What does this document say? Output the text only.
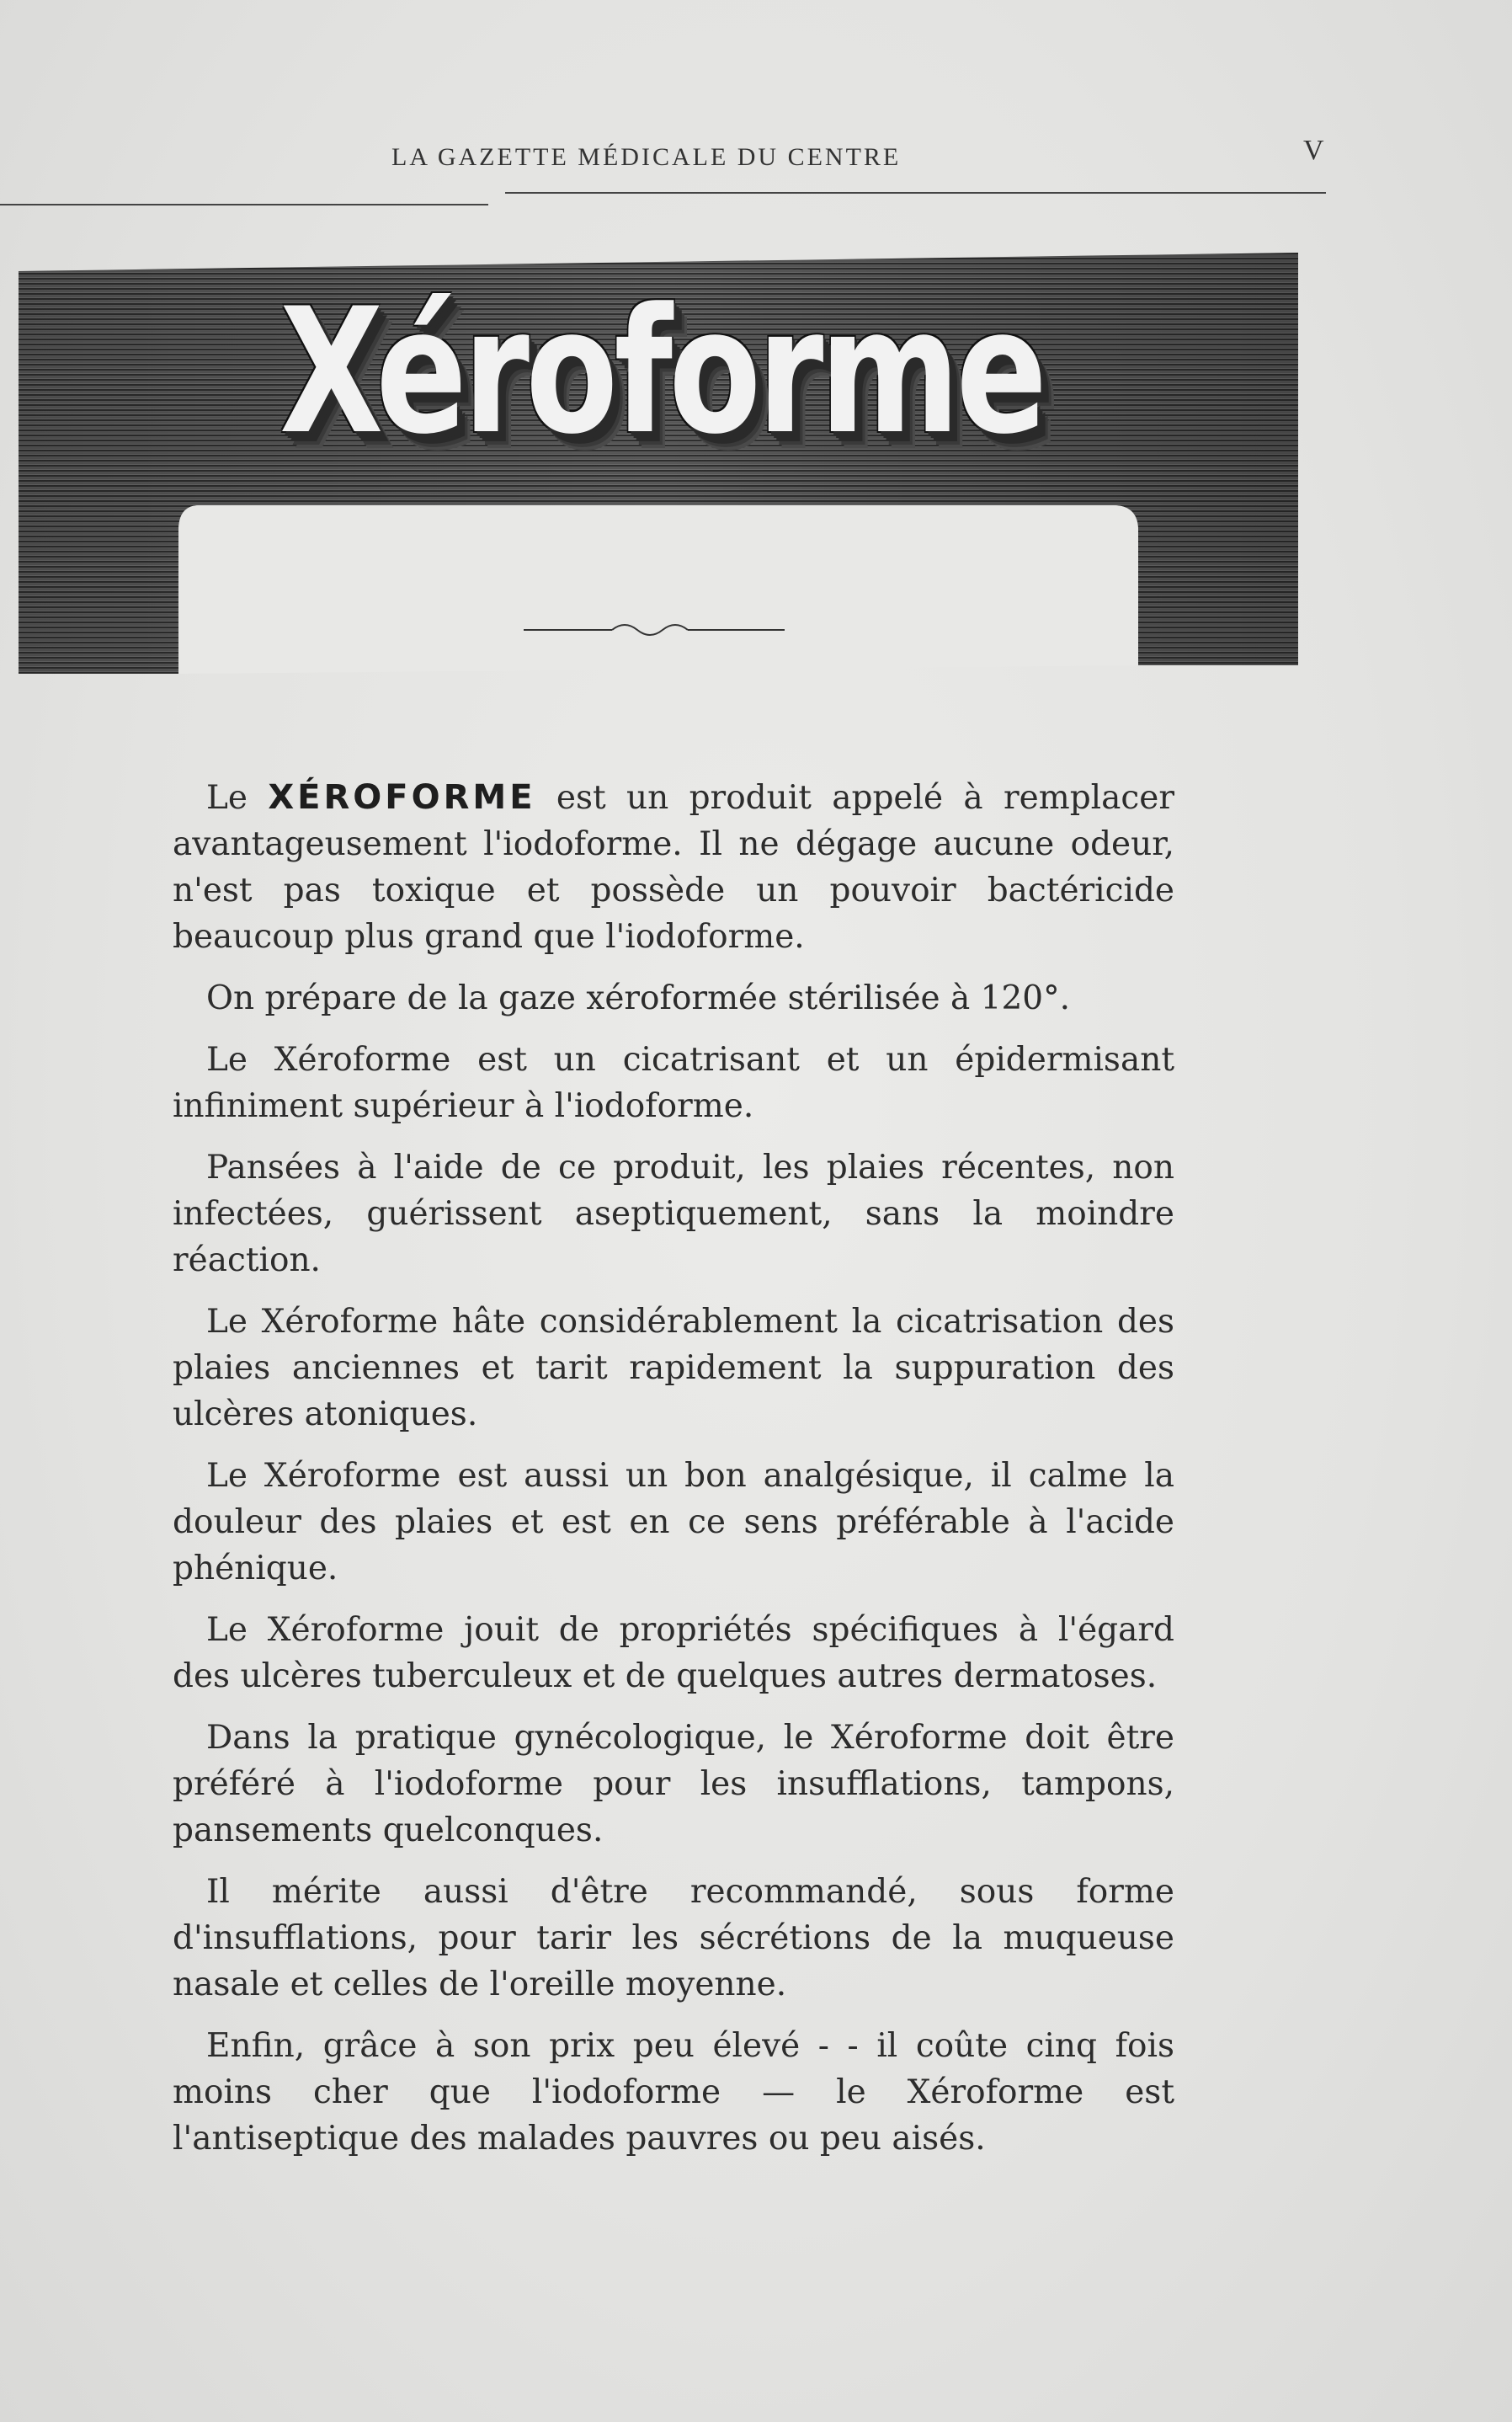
LA GAZETTE MÉDICALE DU CENTRE	V
Xéroforme

Le XÉROFORME est un produit appelé à remplacer avantageusement l'iodoforme. Il ne dégage aucune odeur, n'est pas toxique et possède un pouvoir bactéricide beaucoup plus grand que l'iodoforme.

On prépare de la gaze xéroformée stérilisée à 120°.

Le Xéroforme est un cicatrisant et un épidermisant infiniment supérieur à l'iodoforme.

Pansées à l'aide de ce produit, les plaies récentes, non infectées, guérissent aseptiquement, sans la moindre réaction.

Le Xéroforme hâte considérablement la cicatrisation des plaies anciennes et tarit rapidement la suppuration des ulcères atoniques.

Le Xéroforme est aussi un bon analgésique, il calme la douleur des plaies et est en ce sens préférable à l'acide phénique.

Le Xéroforme jouit de propriétés spécifiques à l'égard des ulcères tuberculeux et de quelques autres dermatoses.

Dans la pratique gynécologique, le Xéroforme doit être préféré à l'iodoforme pour les insufflations, tampons, pansements quelconques.

Il mérite aussi d'être recommandé, sous forme d'insufflations, pour tarir les sécrétions de la muqueuse nasale et celles de l'oreille moyenne.

Enfin, grâce à son prix peu élevé - - il coûte cinq fois moins cher que l'iodoforme — le Xéroforme est l'antiseptique des malades pauvres ou peu aisés.
